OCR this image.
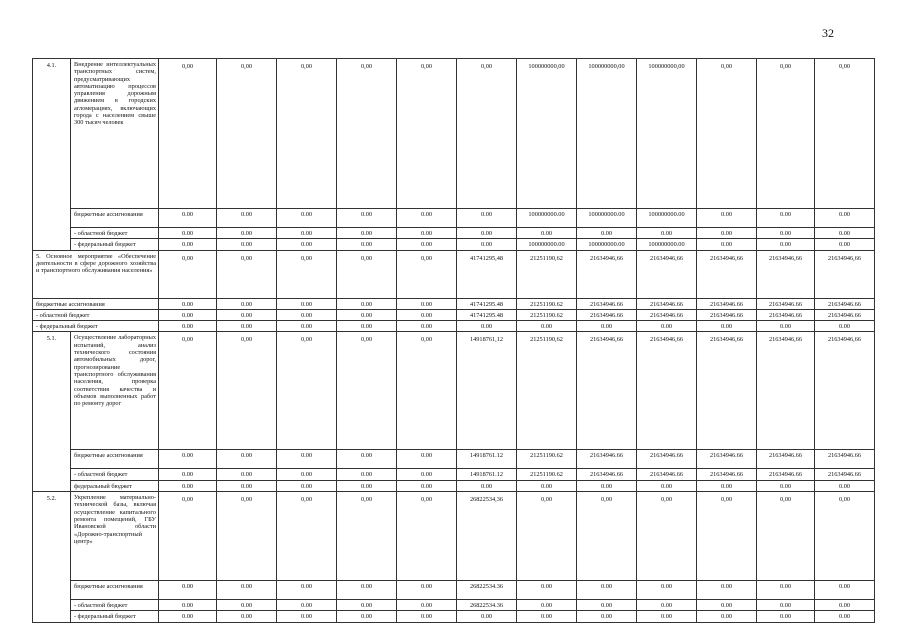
32
4.1.	Внедрение интеллектуальных транспортных систем, предусматривающих автоматизацию процессов управления дорожным движением в городских агломерациях, включающих города с населением свыше 300 тысяч человек	0,00	0,00	0,00	0,00	0,00	0,00	100000000,00	100000000,00	100000000,00	0,00	0,00	0,00
	бюджетные ассигнования	0.00	0.00	0.00	0.00	0.00	0.00	100000000.00	100000000.00	100000000.00	0.00	0.00	0.00
	- областной бюджет	0.00	0.00	0.00	0.00	0.00	0.00	0.00	0.00	0.00	0.00	0.00	0.00
	- федеральный бюджет	0.00	0.00	0.00	0.00	0.00	0.00	100000000.00	100000000.00	100000000.00	0.00	0.00	0.00
5. Основное мероприятие «Обеспечение деятельности в сфере дорожного хозяйства и транспортного обслуживания населения»		0,00	0,00	0,00	0,00	0,00	41741295,48	21251190,62	21634946,66	21634946,66	21634946,66	21634946,66	21634946,66
бюджетные ассигнования		0.00	0.00	0.00	0.00	0.00	41741295.48	21251190.62	21634946.66	21634946.66	21634946.66	21634946.66	21634946.66
- областной бюджет		0.00	0.00	0.00	0.00	0.00	41741295.48	21251190.62	21634946.66	21634946.66	21634946.66	21634946.66	21634946.66
- федеральный бюджет		0.00	0.00	0.00	0.00	0.00	0.00	0.00	0.00	0.00	0.00	0.00	0.00
5.1.	Осуществление лабораторных испытаний, анализ технического состояния автомобильных дорог, прогнозирование транспортного обслуживания населения, проверка соответствия качества и объемов выполненных работ по ремонту дорог	0,00	0,00	0,00	0,00	0,00	14918761,12	21251190,62	21634946,66	21634946,66	21634946,66	21634946,66	21634946,66
	бюджетные ассигнования	0.00	0.00	0.00	0.00	0.00	14918761.12	21251190.62	21634946.66	21634946.66	21634946.66	21634946.66	21634946.66
	- областной бюджет	0.00	0.00	0.00	0.00	0.00	14918761.12	21251190.62	21634946.66	21634946.66	21634946.66	21634946.66	21634946.66
	федеральный бюджет	0.00	0.00	0.00	0.00	0.00	0.00	0.00	0.00	0.00	0.00	0.00	0.00
5.2.	Укрепление материально-технической базы, включая осуществление капитального ремонта помещений, ГБУ Ивановской области «Дорожно-транспортный центр»	0,00	0,00	0,00	0,00	0,00	26822534,36	0,00	0,00	0,00	0,00	0,00	0,00
	бюджетные ассигнования	0.00	0.00	0.00	0.00	0.00	26822534.36	0.00	0.00	0.00	0.00	0.00	0.00
	- областной бюджет	0.00	0.00	0.00	0.00	0.00	26822534.36	0.00	0.00	0.00	0.00	0.00	0.00
	- федеральный бюджет	0.00	0.00	0.00	0.00	0.00	0.00	0.00	0.00	0.00	0.00	0.00	0.00
